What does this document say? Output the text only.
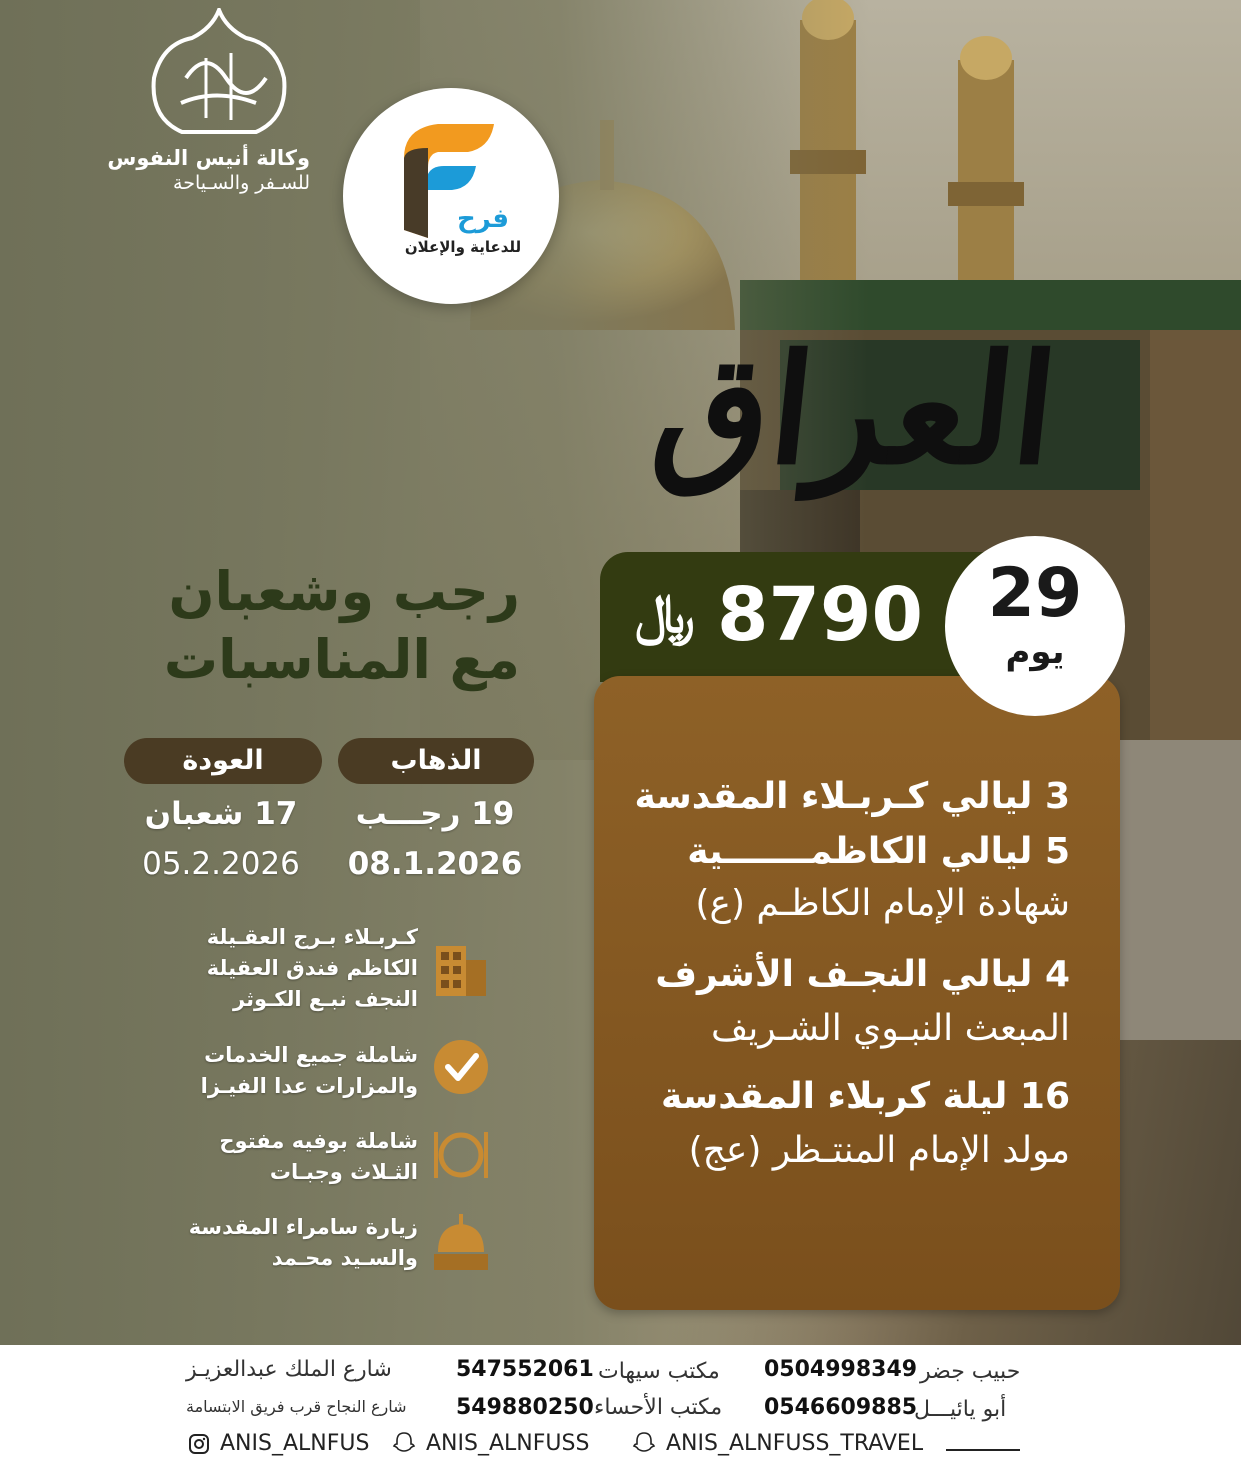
وكالة أنيس النفوس
للسـفر والسـياحة
فرح
للدعاية والإعلان
العراق
رجب وشعبان
مع المناسبات
الذهاب
العودة
19 رجـــب
17 شعبان
08.1.2026
05.2.2026
8790
﷼
3 ليالي كـربـلاء المقدسة
5 ليالي الكاظمـــــــية
شهادة الإمام الكاظـم (ع)
4 ليالي النجـف الأشرف
المبعث النبـوي الشـريف
16 ليلة كربلاء المقدسة
مولد الإمام المنتـظر (عج)
29
يوم
كـربـلاء بـرج العقـيلة
الكاظم فندق العقيلة
النجف نبـع الكـوثر
شاملة جميع الخدمات
والمزارات عدا الفيـزا
شاملة بوفيه مفتوح
الثـلاث وجبـات
زيارة سامراء المقدسة
والسـيد محـمد
حبيب جضر
0504998349
مكتب سيهات
547552061
شارع الملك عبدالعزيـز
أبو يائيـــل
0546609885
مكتب الأحساء
549880250
شارع النجاح قرب فريق الابتسامة
ANIS_ALNFUS	ANIS_ALNFUSS	ANIS_ALNFUSS_TRAVEL
